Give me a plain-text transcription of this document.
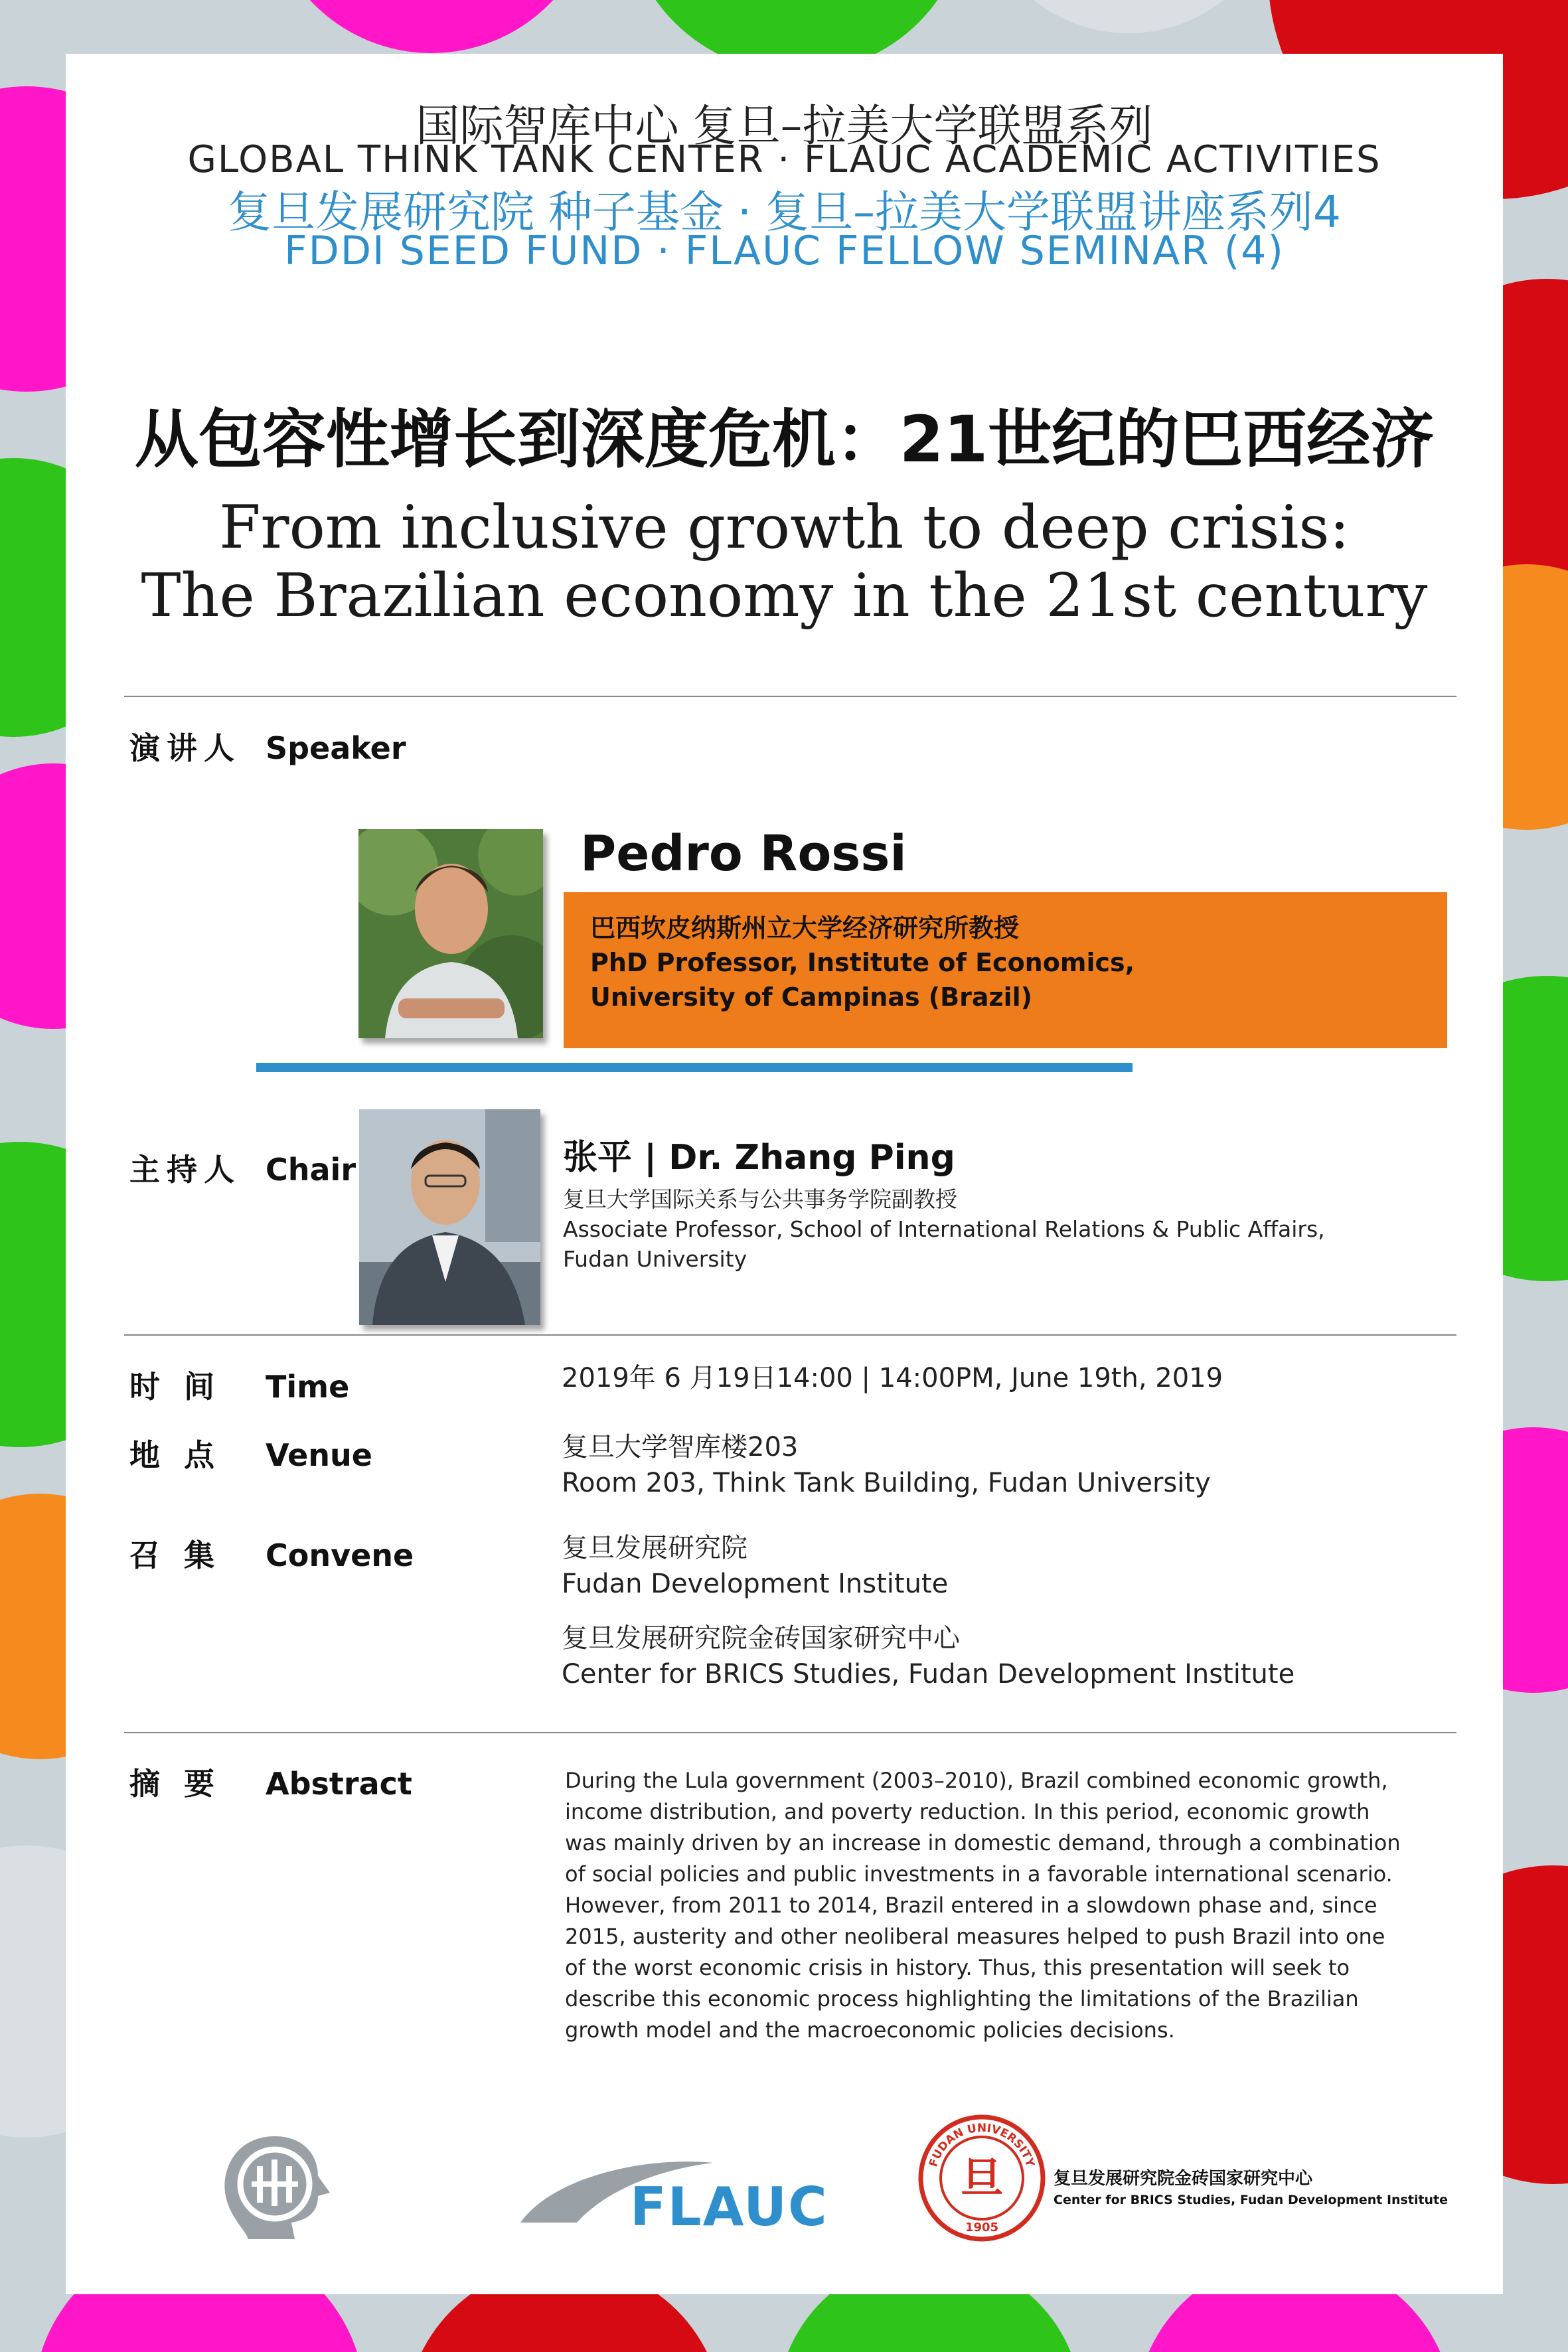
国际智库中心 复旦–拉美大学联盟系列
GLOBAL THINK TANK CENTER · FLAUC ACADEMIC ACTIVITIES
复旦发展研究院 种子基金 · 复旦–拉美大学联盟讲座系列4
FDDI SEED FUND · FLAUC FELLOW SEMINAR (4)
从包容性增长到深度危机：21世纪的巴西经济
From inclusive growth to deep crisis:
The Brazilian economy in the 21st century
演讲人 Speaker
Pedro Rossi
巴西坎皮纳斯州立大学经济研究所教授
PhD Professor, Institute of Economics,
University of Campinas (Brazil)
主持人 Chair	张平 | Dr. Zhang Ping
复旦大学国际关系与公共事务学院副教授
Associate Professor, School of International Relations & Public Affairs,
Fudan University
时 间 Time	2019年 6 月19日14:00 | 14:00PM, June 19th, 2019
地 点 Venue	复旦大学智库楼203
Room 203, Think Tank Building, Fudan University
召 集 Convene	复旦发展研究院
Fudan Development Institute
复旦发展研究院金砖国家研究中心
Center for BRICS Studies, Fudan Development Institute
摘 要 Abstract	During the Lula government (2003–2010), Brazil combined economic growth,
income distribution, and poverty reduction. In this period, economic growth
was mainly driven by an increase in domestic demand, through a combination
of social policies and public investments in a favorable international scenario.
However, from 2011 to 2014, Brazil entered in a slowdown phase and, since
2015, austerity and other neoliberal measures helped to push Brazil into one
of the worst economic crisis in history. Thus, this presentation will seek to
describe this economic process highlighting the limitations of the Brazilian
growth model and the macroeconomic policies decisions.
FLAUC	旦
FUDAN UNIVERSITY
1905
复旦发展研究院金砖国家研究中心
Center for BRICS Studies, Fudan Development Institute
